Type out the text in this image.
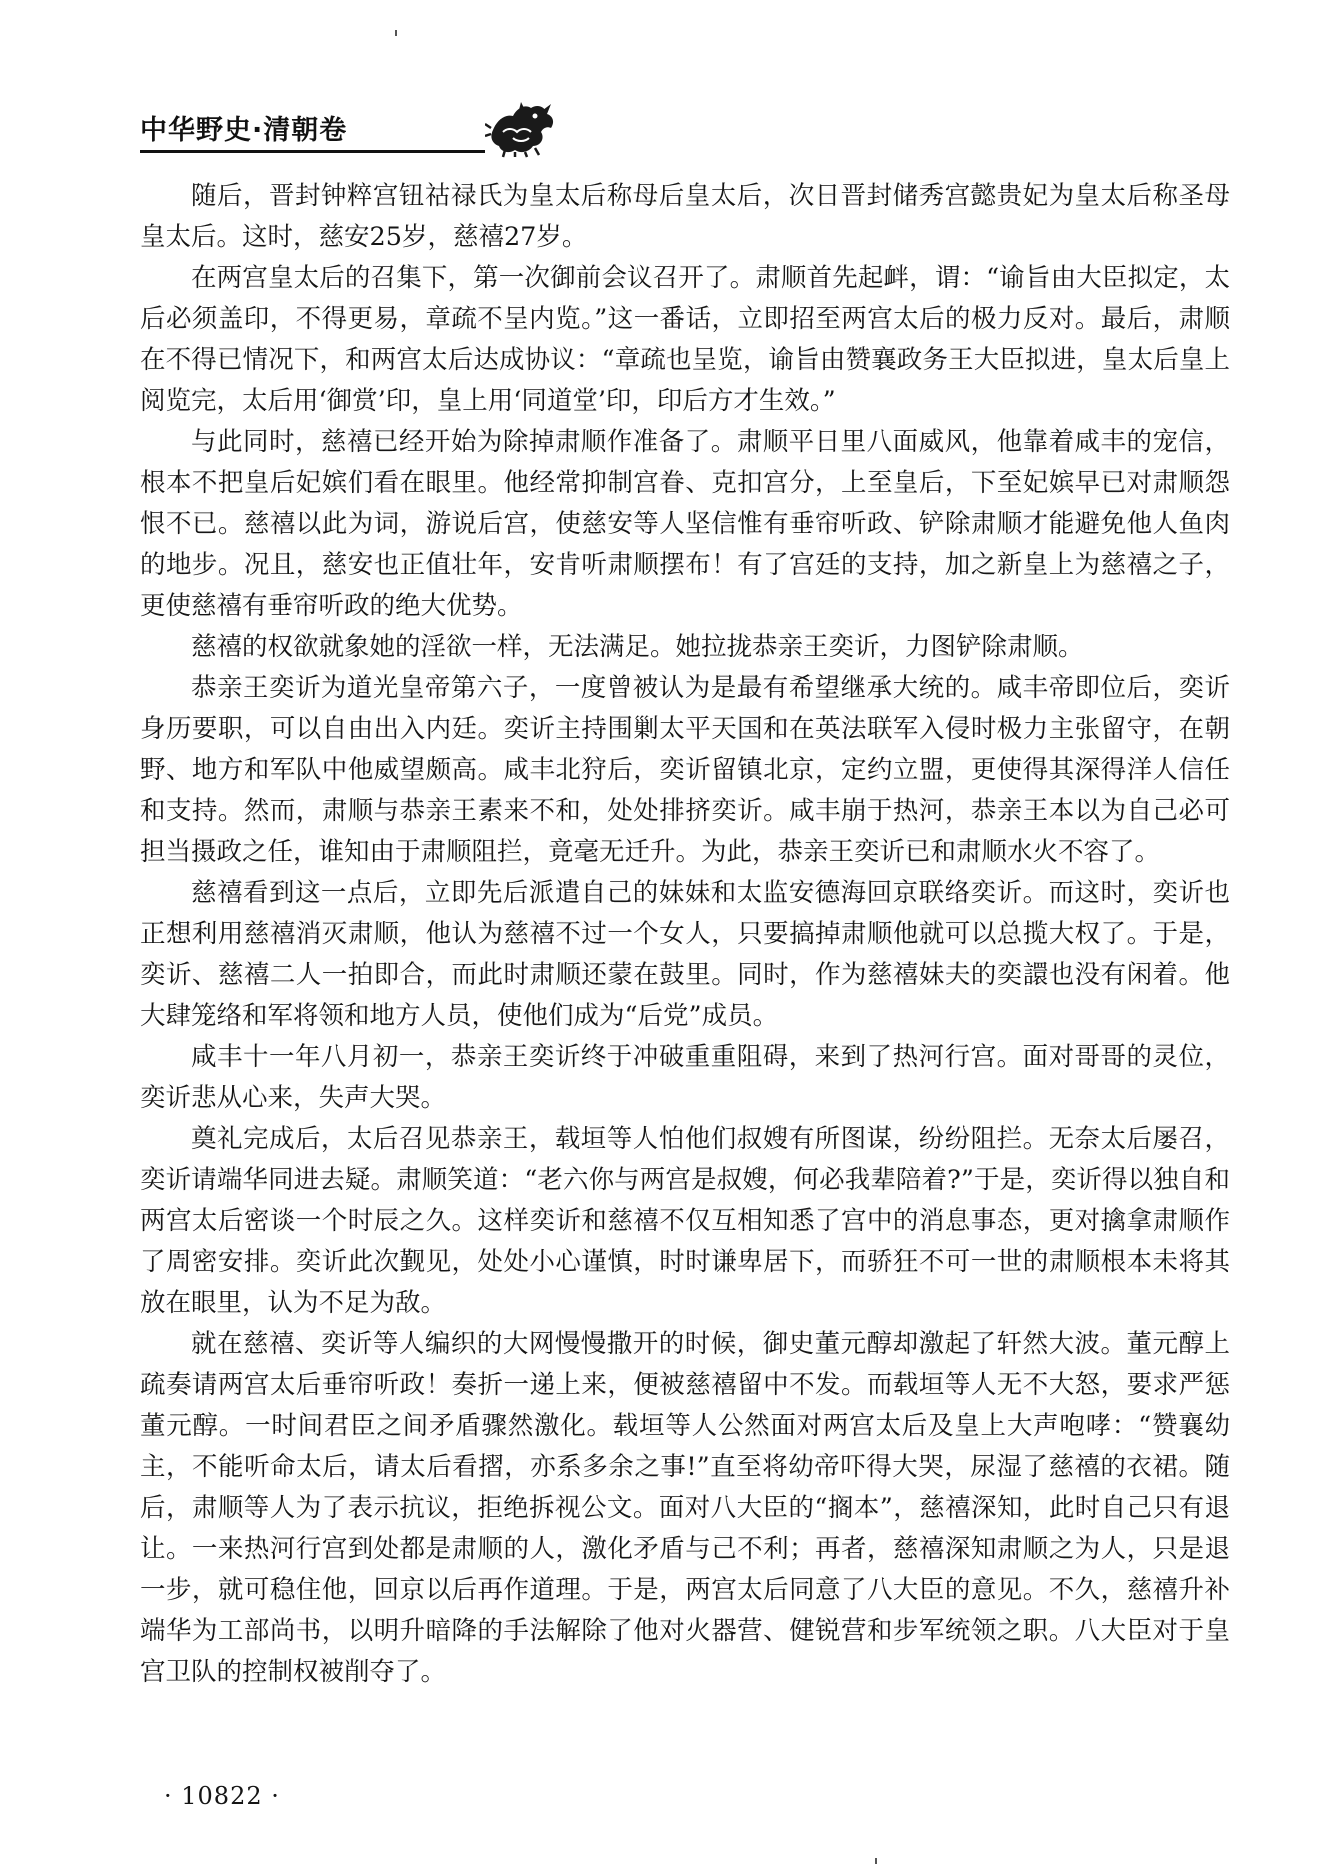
中华野史·清朝卷

随后，晋封钟粹宫钮祜禄氏为皇太后称母后皇太后，次日晋封储秀宫懿贵妃为皇太后称圣母皇太后。这时，慈安25岁，慈禧27岁。

在两宫皇太后的召集下，第一次御前会议召开了。肃顺首先起衅，谓：“谕旨由大臣拟定，太后必须盖印，不得更易，章疏不呈内览。”这一番话，立即招至两宫太后的极力反对。最后，肃顺在不得已情况下，和两宫太后达成协议：“章疏也呈览，谕旨由赞襄政务王大臣拟进，皇太后皇上阅览完，太后用‘御赏’印，皇上用‘同道堂’印，印后方才生效。”

与此同时，慈禧已经开始为除掉肃顺作准备了。肃顺平日里八面威风，他靠着咸丰的宠信，根本不把皇后妃嫔们看在眼里。他经常抑制宫眷、克扣宫分，上至皇后，下至妃嫔早已对肃顺怨恨不已。慈禧以此为词，游说后宫，使慈安等人坚信惟有垂帘听政、铲除肃顺才能避免他人鱼肉的地步。况且，慈安也正值壮年，安肯听肃顺摆布！有了宫廷的支持，加之新皇上为慈禧之子，更使慈禧有垂帘听政的绝大优势。

慈禧的权欲就象她的淫欲一样，无法满足。她拉拢恭亲王奕䜣，力图铲除肃顺。

恭亲王奕䜣为道光皇帝第六子，一度曾被认为是最有希望继承大统的。咸丰帝即位后，奕䜣身历要职，可以自由出入内廷。奕䜣主持围剿太平天国和在英法联军入侵时极力主张留守，在朝野、地方和军队中他威望颇高。咸丰北狩后，奕䜣留镇北京，定约立盟，更使得其深得洋人信任和支持。然而，肃顺与恭亲王素来不和，处处排挤奕䜣。咸丰崩于热河，恭亲王本以为自己必可担当摄政之任，谁知由于肃顺阻拦，竟毫无迁升。为此，恭亲王奕䜣已和肃顺水火不容了。

慈禧看到这一点后，立即先后派遣自己的妹妹和太监安德海回京联络奕䜣。而这时，奕䜣也正想利用慈禧消灭肃顺，他认为慈禧不过一个女人，只要搞掉肃顺他就可以总揽大权了。于是，奕䜣、慈禧二人一拍即合，而此时肃顺还蒙在鼓里。同时，作为慈禧妹夫的奕譞也没有闲着。他大肆笼络和军将领和地方人员，使他们成为“后党”成员。

咸丰十一年八月初一，恭亲王奕䜣终于冲破重重阻碍，来到了热河行宫。面对哥哥的灵位，奕䜣悲从心来，失声大哭。

奠礼完成后，太后召见恭亲王，载垣等人怕他们叔嫂有所图谋，纷纷阻拦。无奈太后屡召，奕䜣请端华同进去疑。肃顺笑道：“老六你与两宫是叔嫂，何必我辈陪着?”于是，奕䜣得以独自和两宫太后密谈一个时辰之久。这样奕䜣和慈禧不仅互相知悉了宫中的消息事态，更对擒拿肃顺作了周密安排。奕䜣此次觐见，处处小心谨慎，时时谦卑居下，而骄狂不可一世的肃顺根本未将其放在眼里，认为不足为敌。

就在慈禧、奕䜣等人编织的大网慢慢撒开的时候，御史董元醇却激起了轩然大波。董元醇上疏奏请两宫太后垂帘听政！奏折一递上来，便被慈禧留中不发。而载垣等人无不大怒，要求严惩董元醇。一时间君臣之间矛盾骤然激化。载垣等人公然面对两宫太后及皇上大声咆哮：“赞襄幼主，不能听命太后，请太后看摺，亦系多余之事!”直至将幼帝吓得大哭，尿湿了慈禧的衣裙。随后，肃顺等人为了表示抗议，拒绝拆视公文。面对八大臣的“搁本”，慈禧深知，此时自己只有退让。一来热河行宫到处都是肃顺的人，激化矛盾与己不利；再者，慈禧深知肃顺之为人，只是退一步，就可稳住他，回京以后再作道理。于是，两宫太后同意了八大臣的意见。不久，慈禧升补端华为工部尚书，以明升暗降的手法解除了他对火器营、健锐营和步军统领之职。八大臣对于皇宫卫队的控制权被削夺了。

· 10822 ·
